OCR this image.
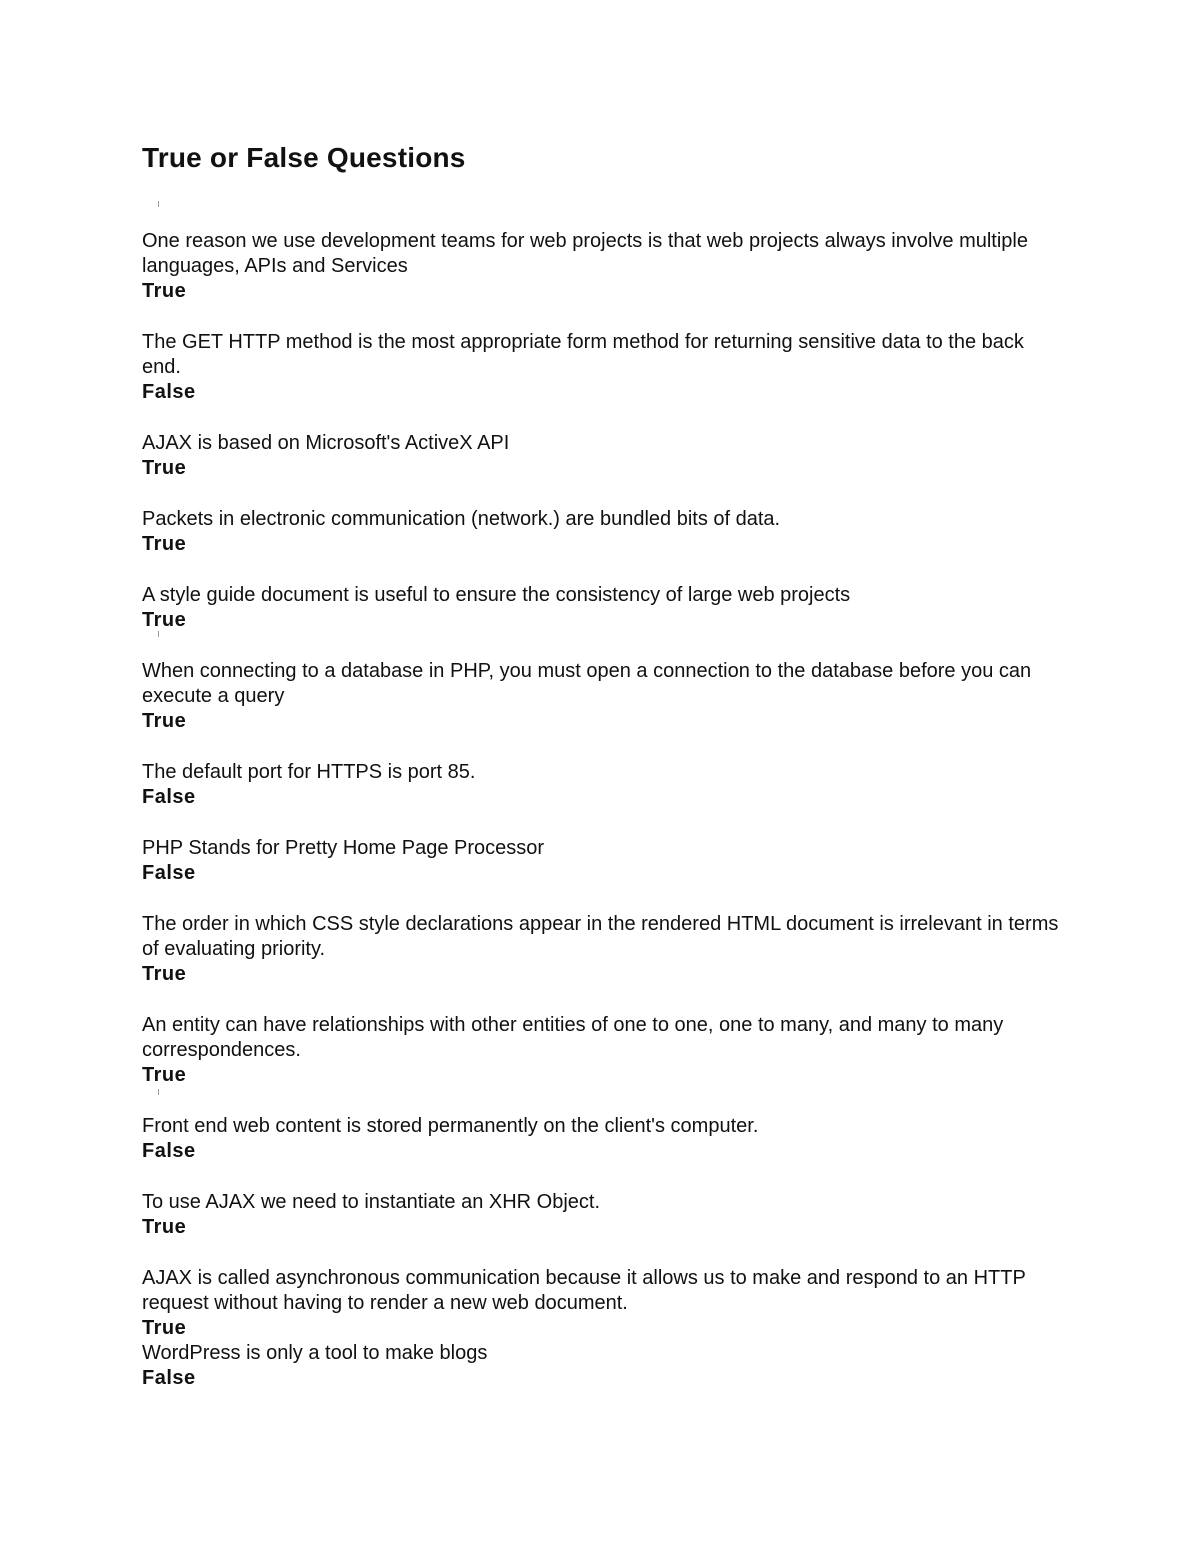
True or False Questions
One reason we use development teams for web projects is that web projects always involve multiple languages, APIs and Services
True
The GET HTTP method is the most appropriate form method for returning sensitive data to the back end.
False
AJAX is based on Microsoft's ActiveX API
True
Packets in electronic communication (network.) are bundled bits of data.
True
A style guide document is useful to ensure the consistency of large web projects
True
When connecting to a database in PHP, you must open a connection to the database before you can execute a query
True
The default port for HTTPS is port 85.
False
PHP Stands for Pretty Home Page Processor
False
The order in which CSS style declarations appear in the rendered HTML document is irrelevant in terms of evaluating priority.
True
An entity can have relationships with other entities of one to one, one to many, and many to many correspondences.
True
Front end web content is stored permanently on the client's computer.
False
To use AJAX we need to instantiate an XHR Object.
True
AJAX is called asynchronous communication because it allows us to make and respond to an HTTP request without having to render a new web document.
True
WordPress is only a tool to make blogs
False
